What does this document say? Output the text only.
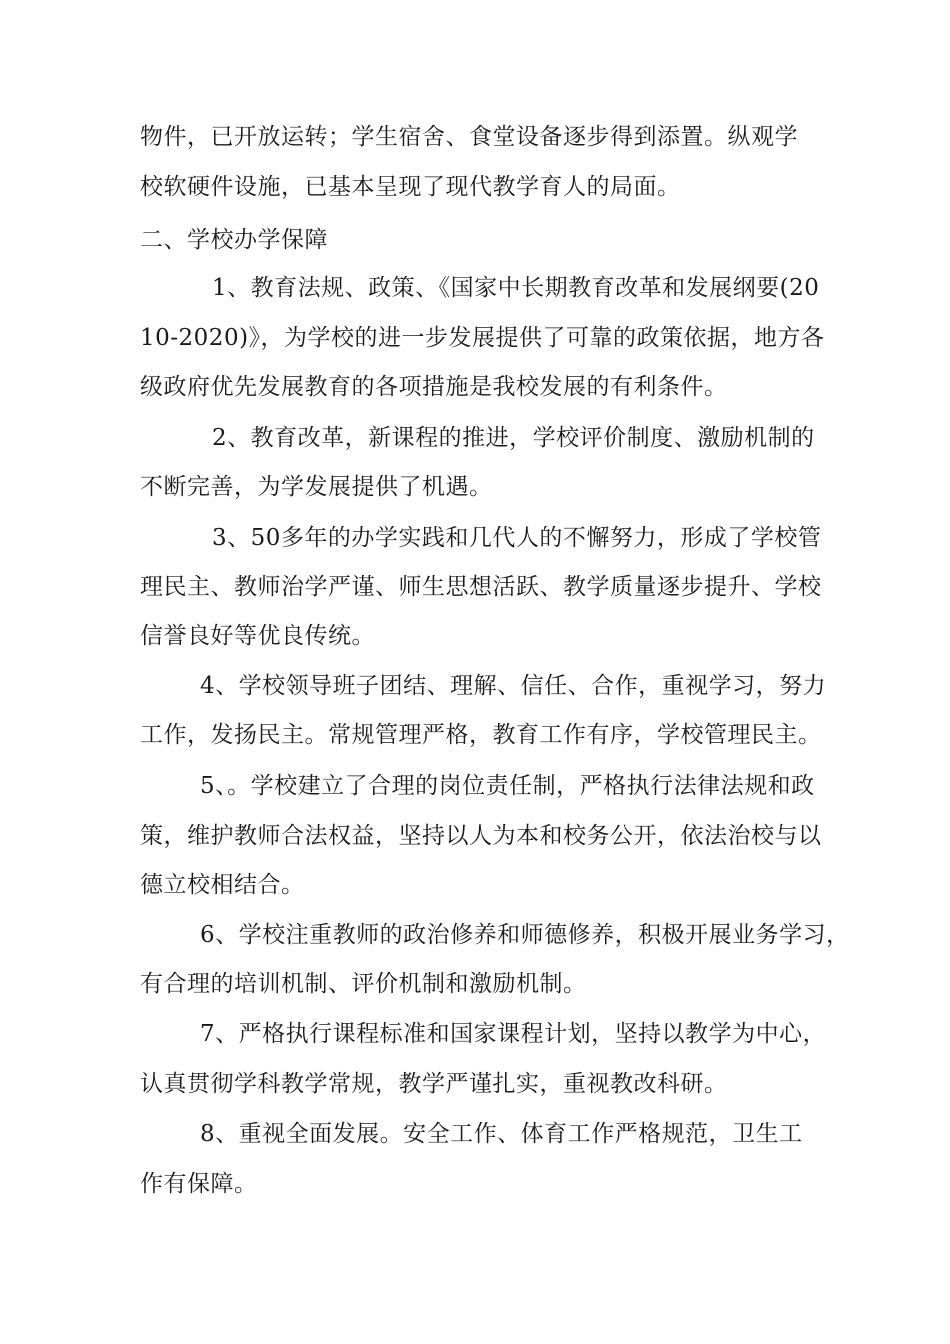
物件，已开放运转；学生宿舍、食堂设备逐步得到添置。纵观学
校软硬件设施，已基本呈现了现代教学育人的局面。
二、学校办学保障
1、教育法规、政策、《国家中长期教育改革和发展纲要(20
10-2020)》，为学校的进一步发展提供了可靠的政策依据，地方各
级政府优先发展教育的各项措施是我校发展的有利条件。
2、教育改革，新课程的推进，学校评价制度、激励机制的
不断完善，为学发展提供了机遇。
3、50多年的办学实践和几代人的不懈努力，形成了学校管
理民主、教师治学严谨、师生思想活跃、教学质量逐步提升、学校
信誉良好等优良传统。
4、学校领导班子团结、理解、信任、合作，重视学习，努力
工作，发扬民主。常规管理严格，教育工作有序，学校管理民主。
5、。学校建立了合理的岗位责任制，严格执行法律法规和政
策，维护教师合法权益，坚持以人为本和校务公开，依法治校与以
德立校相结合。
6、学校注重教师的政治修养和师德修养，积极开展业务学习，
有合理的培训机制、评价机制和激励机制。
7、严格执行课程标准和国家课程计划，坚持以教学为中心，
认真贯彻学科教学常规，教学严谨扎实，重视教改科研。
8、重视全面发展。安全工作、体育工作严格规范，卫生工
作有保障。
